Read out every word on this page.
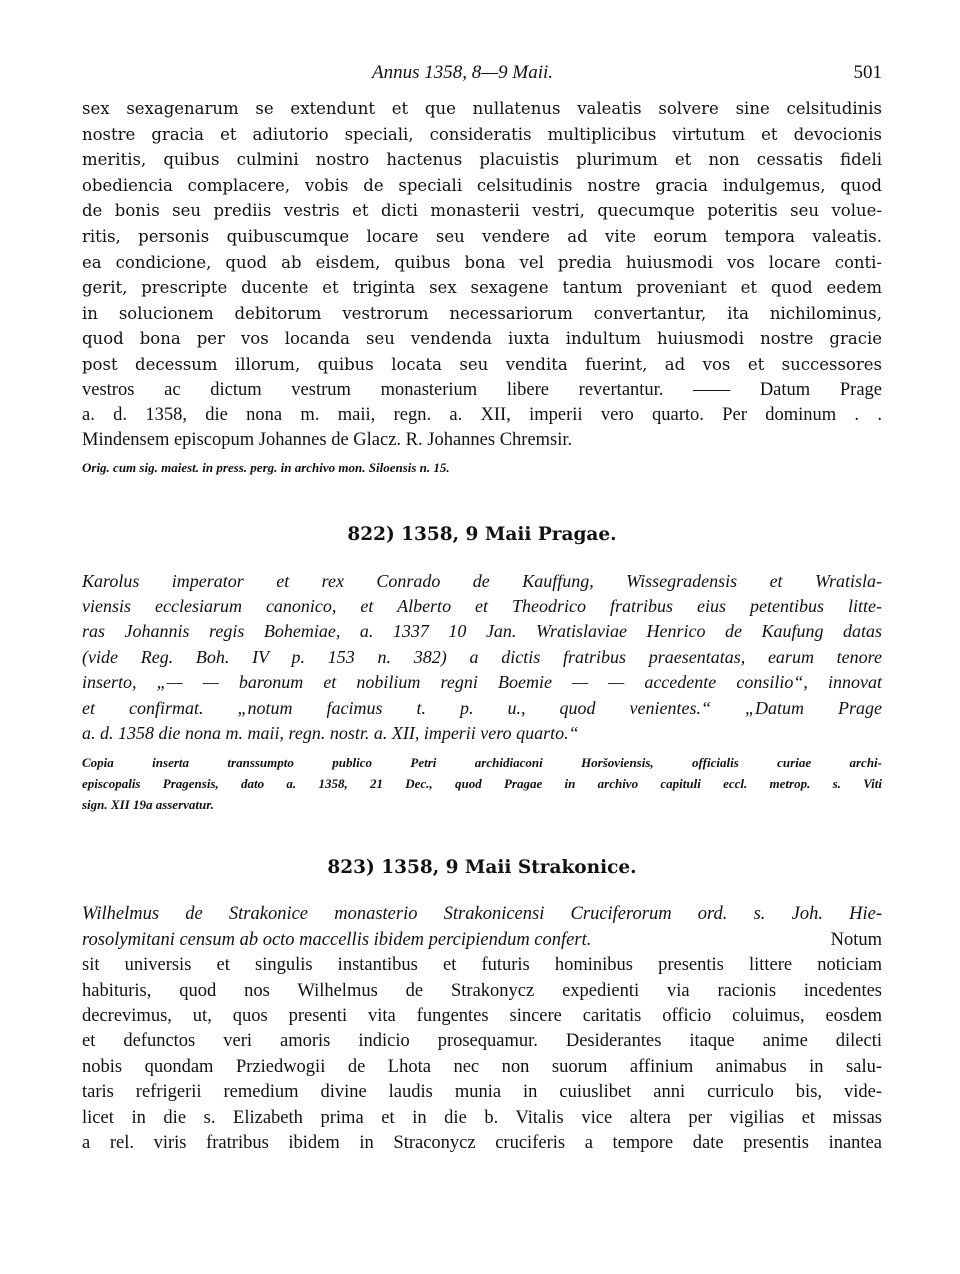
Annus 1358, 8—9 Maii.	501
sex sexagenarum se extendunt et que nullatenus valeatis solvere sine celsitudinis
nostre gracia et adiutorio speciali, consideratis multiplicibus virtutum et devocionis
meritis, quibus culmini nostro hactenus placuistis plurimum et non cessatis fideli
obediencia complacere, vobis de speciali celsitudinis nostre gracia indulgemus, quod
de bonis seu prediis vestris et dicti monasterii vestri, quecumque poteritis seu volue-
ritis, personis quibuscumque locare seu vendere ad vite eorum tempora valeatis.
ea condicione, quod ab eisdem, quibus bona vel predia huiusmodi vos locare conti-
gerit, prescripte ducente et triginta sex sexagene tantum proveniant et quod eedem
in solucionem debitorum vestrorum necessariorum convertantur, ita nichilominus,
quod bona per vos locanda seu vendenda iuxta indultum huiusmodi nostre gracie
post decessum illorum, quibus locata seu vendita fuerint, ad vos et successores
vestros ac dictum vestrum monasterium libere revertantur. —— Datum Prage
a. d. 1358, die nona m. maii, regn. a. XII, imperii vero quarto. Per dominum . .
Mindensem episcopum Johannes de Glacz. R. Johannes Chremsir.
Orig. cum sig. maiest. in press. perg. in archivo mon. Siloensis n. 15.
822) 1358, 9 Maii Pragae.
Karolus imperator et rex Conrado de Kauffung, Wissegradensis et Wratisla-
viensis ecclesiarum canonico, et Alberto et Theodrico fratribus eius petentibus litte-
ras Johannis regis Bohemiae, a. 1337 10 Jan. Wratislaviae Henrico de Kaufung datas
(vide Reg. Boh. IV p. 153 n. 382) a dictis fratribus praesentatas, earum tenore
inserto, „— — baronum et nobilium regni Boemie — — accedente consilio“, innovat
et confirmat. „notum facimus t. p. u., quod venientes.“ „Datum Prage
a. d. 1358 die nona m. maii, regn. nostr. a. XII, imperii vero quarto.“
Copia inserta transsumpto publico Petri archidiaconi Horšoviensis, officialis curiae archi-
episcopalis Pragensis, dato a. 1358, 21 Dec., quod Pragae in archivo capituli eccl. metrop. s. Viti
sign. XII 19a asservatur.
823) 1358, 9 Maii Strakonice.
Wilhelmus de Strakonice monasterio Strakonicensi Cruciferorum ord. s. Joh. Hie-
rosolymitani censum ab octo maccellis ibidem percipiendum confert.	Notum
sit universis et singulis instantibus et futuris hominibus presentis littere noticiam
habituris, quod nos Wilhelmus de Strakonycz expedienti via racionis incedentes
decrevimus, ut, quos presenti vita fungentes sincere caritatis officio coluimus, eosdem
et defunctos veri amoris indicio prosequamur. Desiderantes itaque anime dilecti
nobis quondam Prziedwogii de Lhota nec non suorum affinium animabus in salu-
taris refrigerii remedium divine laudis munia in cuiuslibet anni curriculo bis, vide-
licet in die s. Elizabeth prima et in die b. Vitalis vice altera per vigilias et missas
a rel. viris fratribus ibidem in Straconycz cruciferis a tempore date presentis inantea
